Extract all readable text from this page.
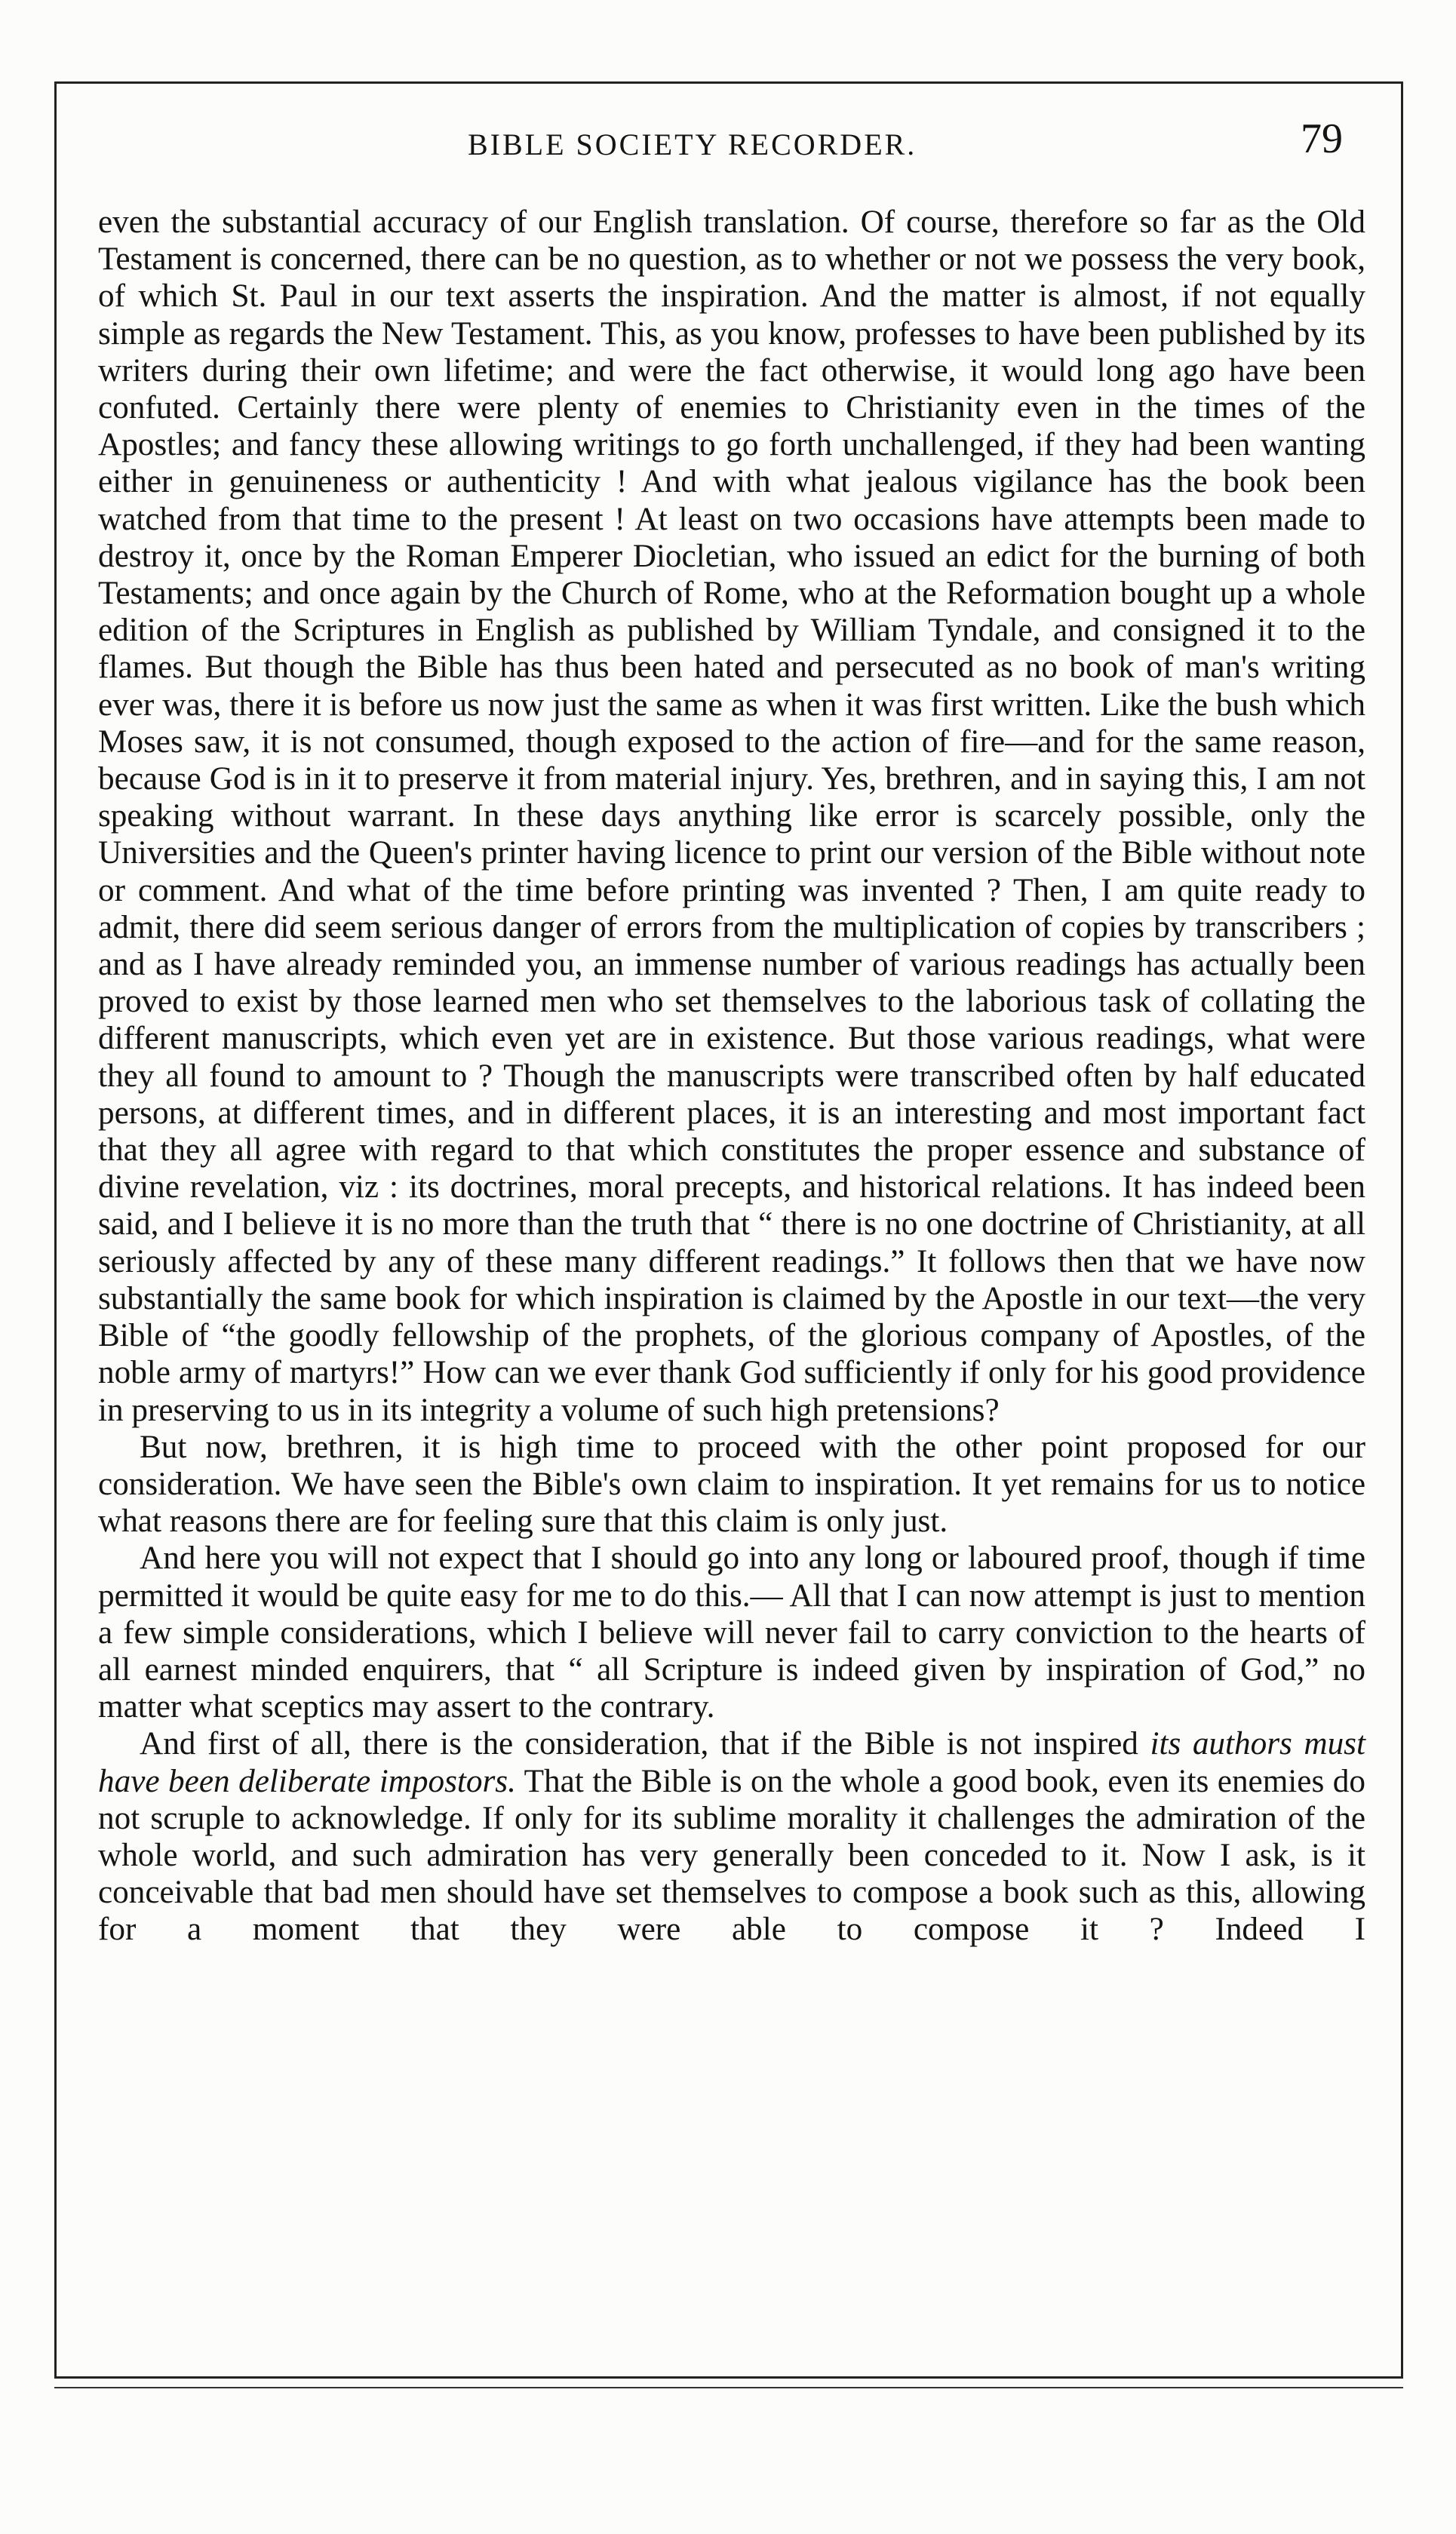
BIBLE SOCIETY RECORDER.	79

even the substantial accuracy of our English translation. Of course, therefore so far as the Old Testament is concerned, there can be no question, as to whether or not we possess the very book, of which St. Paul in our text asserts the inspiration. And the matter is almost, if not equally simple as regards the New Testament. This, as you know, professes to have been published by its writers during their own lifetime; and were the fact otherwise, it would long ago have been confuted. Certainly there were plenty of enemies to Christianity even in the times of the Apostles; and fancy these allowing writings to go forth unchallenged, if they had been wanting either in genuineness or authenticity ! And with what jealous vigilance has the book been watched from that time to the present ! At least on two occasions have attempts been made to destroy it, once by the Roman Emperer Diocletian, who issued an edict for the burning of both Testaments; and once again by the Church of Rome, who at the Reformation bought up a whole edition of the Scriptures in English as published by William Tyndale, and consigned it to the flames. But though the Bible has thus been hated and persecuted as no book of man's writing ever was, there it is before us now just the same as when it was first written. Like the bush which Moses saw, it is not consumed, though exposed to the action of fire—and for the same reason, because God is in it to preserve it from material injury. Yes, brethren, and in saying this, I am not speaking without warrant. In these days anything like error is scarcely possible, only the Universities and the Queen's printer having licence to print our version of the Bible without note or comment. And what of the time before printing was invented ? Then, I am quite ready to admit, there did seem serious danger of errors from the multiplication of copies by transcribers ; and as I have already reminded you, an immense number of various readings has actually been proved to exist by those learned men who set themselves to the laborious task of collating the different manuscripts, which even yet are in existence. But those various readings, what were they all found to amount to ? Though the manuscripts were transcribed often by half educated persons, at different times, and in different places, it is an interesting and most important fact that they all agree with regard to that which constitutes the proper essence and substance of divine revelation, viz : its doctrines, moral precepts, and historical relations. It has indeed been said, and I believe it is no more than the truth that “ there is no one doctrine of Christianity, at all seriously affected by any of these many different readings.” It follows then that we have now substantially the same book for which inspiration is claimed by the Apostle in our text—the very Bible of “the goodly fellowship of the prophets, of the glorious company of Apostles, of the noble army of martyrs!” How can we ever thank God sufficiently if only for his good providence in preserving to us in its integrity a volume of such high pretensions?

But now, brethren, it is high time to proceed with the other point proposed for our consideration. We have seen the Bible's own claim to inspiration. It yet remains for us to notice what reasons there are for feeling sure that this claim is only just.

And here you will not expect that I should go into any long or laboured proof, though if time permitted it would be quite easy for me to do this.— All that I can now attempt is just to mention a few simple considerations, which I believe will never fail to carry conviction to the hearts of all earnest minded enquirers, that “ all Scripture is indeed given by inspiration of God,” no matter what sceptics may assert to the contrary.

And first of all, there is the consideration, that if the Bible is not inspired its authors must have been deliberate impostors. That the Bible is on the whole a good book, even its enemies do not scruple to acknowledge. If only for its sublime morality it challenges the admiration of the whole world, and such admiration has very generally been conceded to it. Now I ask, is it conceivable that bad men should have set themselves to compose a book such as this, allowing for a moment that they were able to compose it ? Indeed I
